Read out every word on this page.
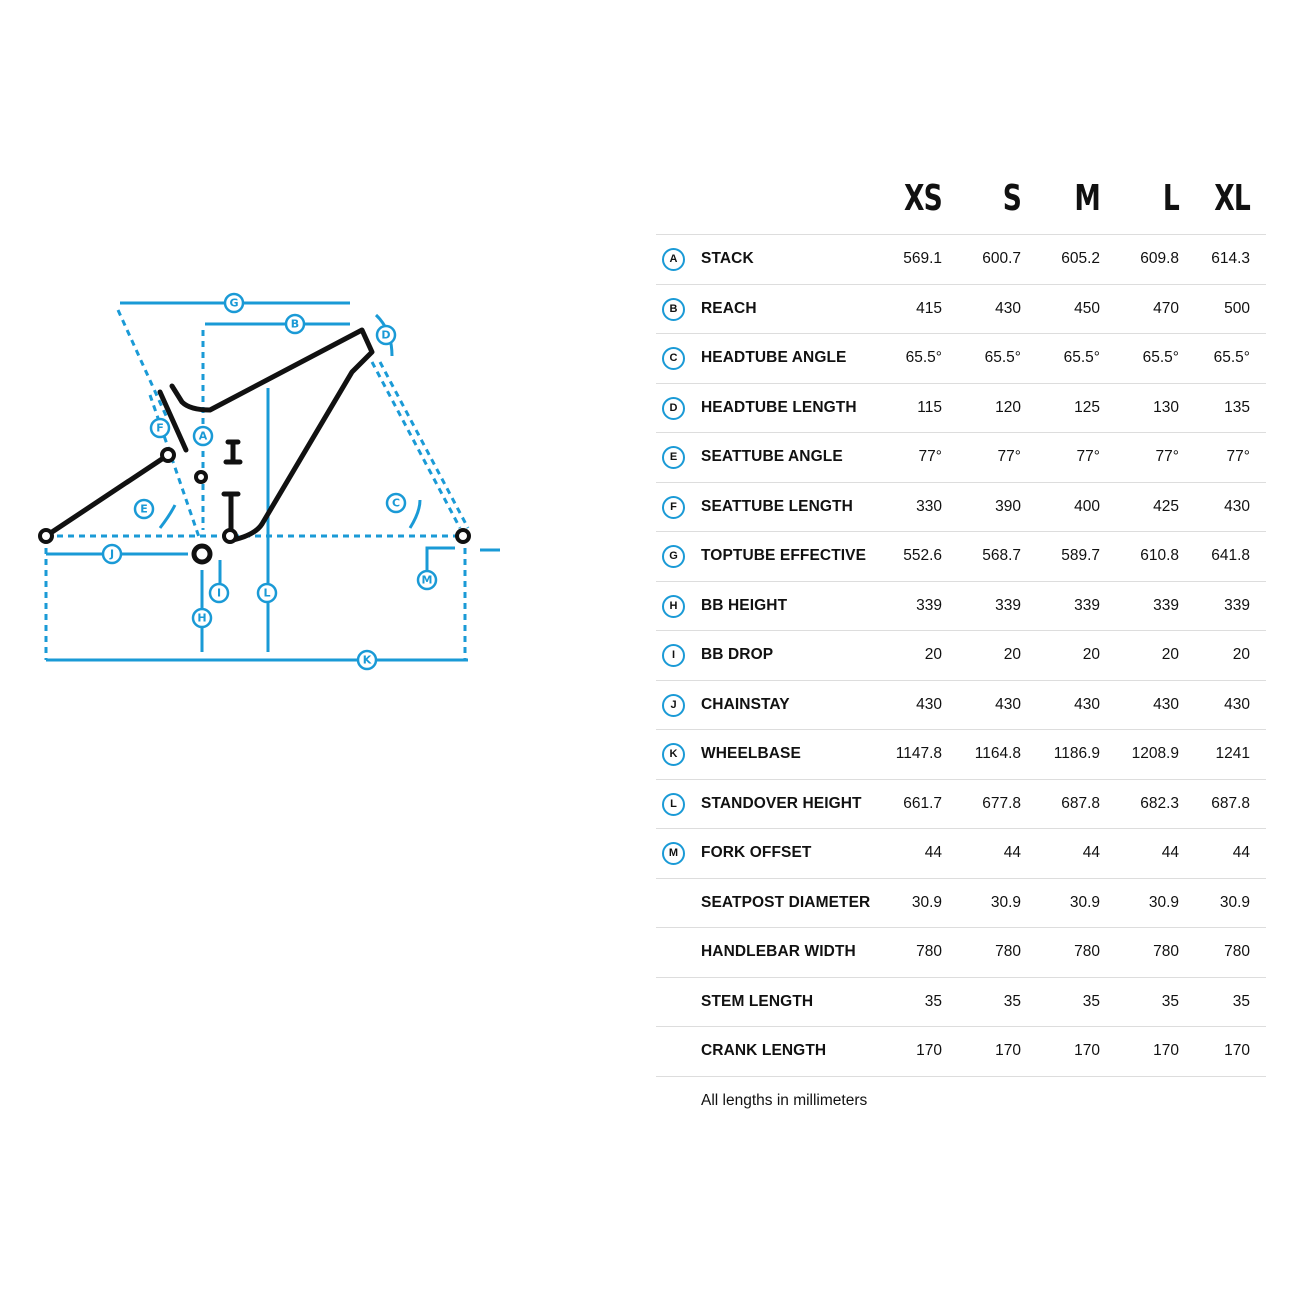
G
B
D
F
A
E	C
J
I	L
M
H
K
XS	S	M	L XL
A	STACK	569.1	600.7	605.2	609.8	614.3
B	REACH	415	430	450	470	500
C	HEADTUBE ANGLE	65.5°	65.5°	65.5°	65.5°	65.5°
D	HEADTUBE LENGTH	115	120	125	130	135
E	SEATTUBE ANGLE	77°	77°	77°	77°	77°
F	SEATTUBE LENGTH	330	390	400	425	430
G	TOPTUBE EFFECTIVE	552.6	568.7	589.7	610.8	641.8
H	BB HEIGHT	339	339	339	339	339
I	BB DROP	20	20	20	20	20
J	CHAINSTAY	430	430	430	430	430
K	WHEELBASE	1147.8	1164.8	1186.9	1208.9	1241
L	STANDOVER HEIGHT	661.7	677.8	687.8	682.3	687.8
M	FORK OFFSET	44	44	44	44	44
SEATPOST DIAMETER	30.9	30.9	30.9	30.9	30.9
HANDLEBAR WIDTH	780	780	780	780	780
STEM LENGTH	35	35	35	35	35
CRANK LENGTH	170	170	170	170	170
All lengths in millimeters
